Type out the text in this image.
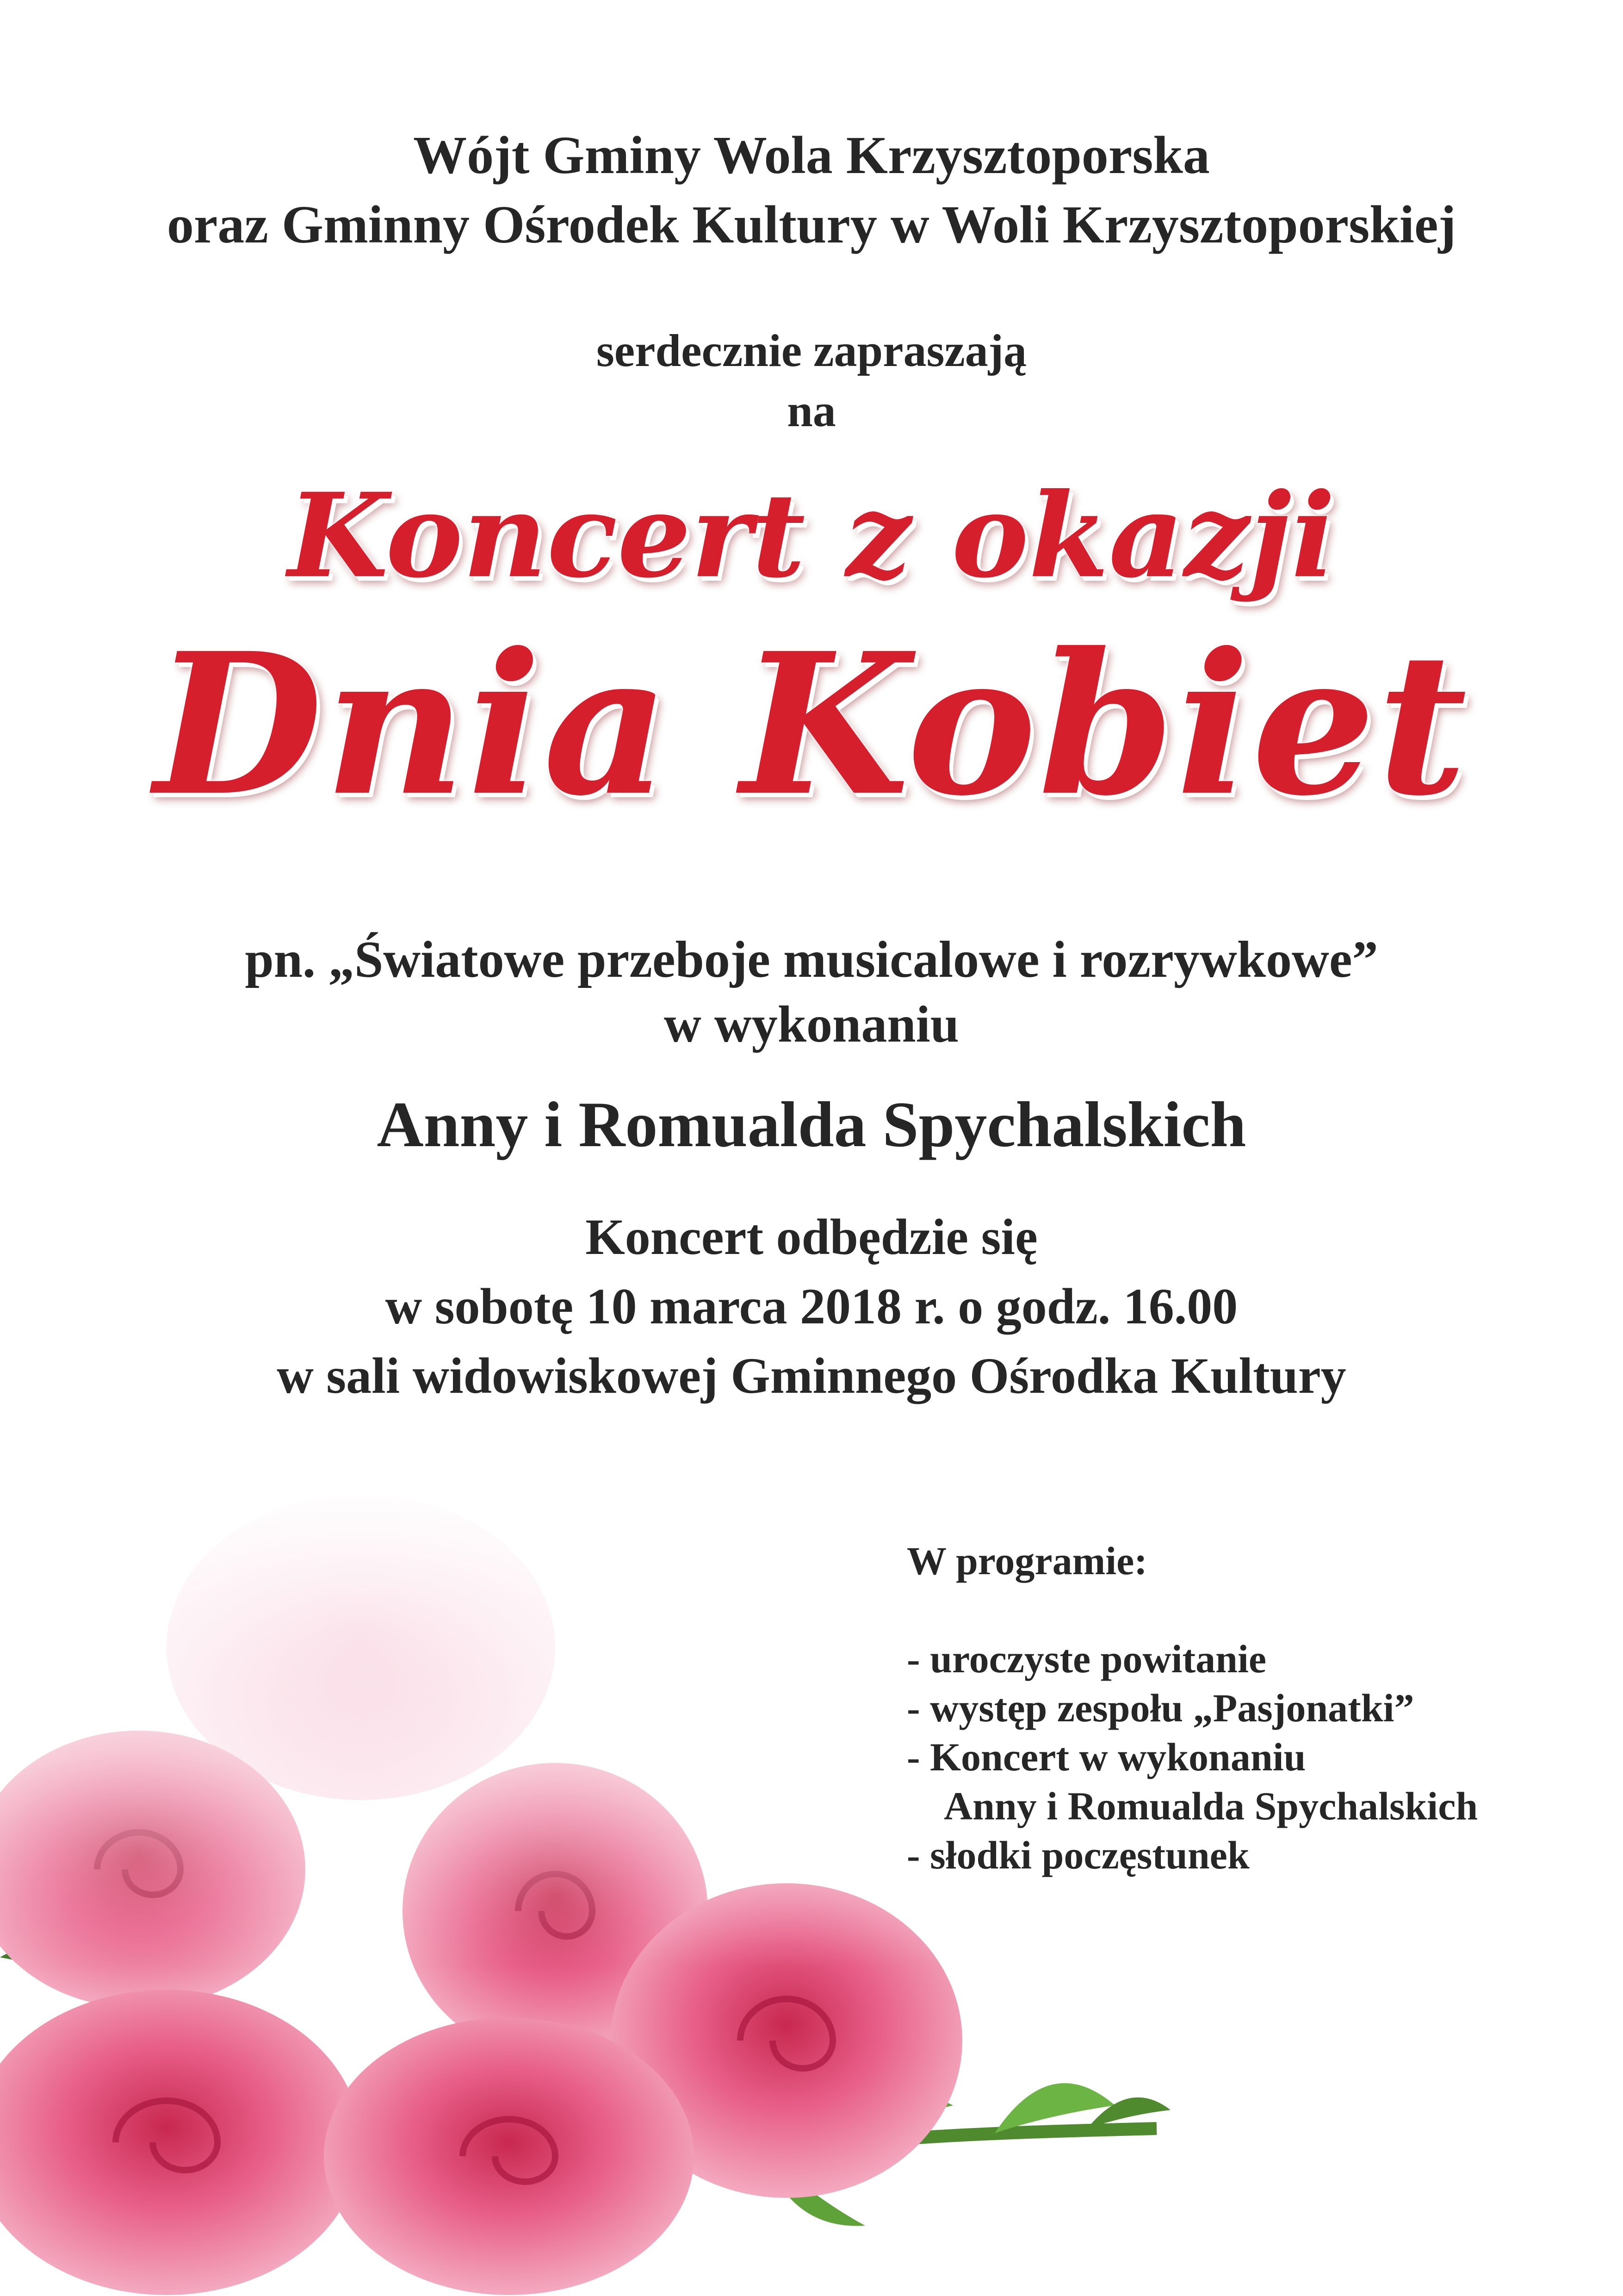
Wójt Gminy Wola Krzysztoporska
oraz Gminny Ośrodek Kultury w Woli Krzysztoporskiej
serdecznie zapraszają
na
Koncert z okazji
Dnia Kobiet
pn. „Światowe przeboje musicalowe i rozrywkowe”
w wykonaniu
Anny i Romualda Spychalskich
Koncert odbędzie się
w sobotę 10 marca 2018 r. o godz. 16.00
w sali widowiskowej Gminnego Ośrodka Kultury
W programie:
- uroczyste powitanie
- występ zespołu „Pasjonatki”
- Koncert w wykonaniu
Anny i Romualda Spychalskich
- słodki poczęstunek
